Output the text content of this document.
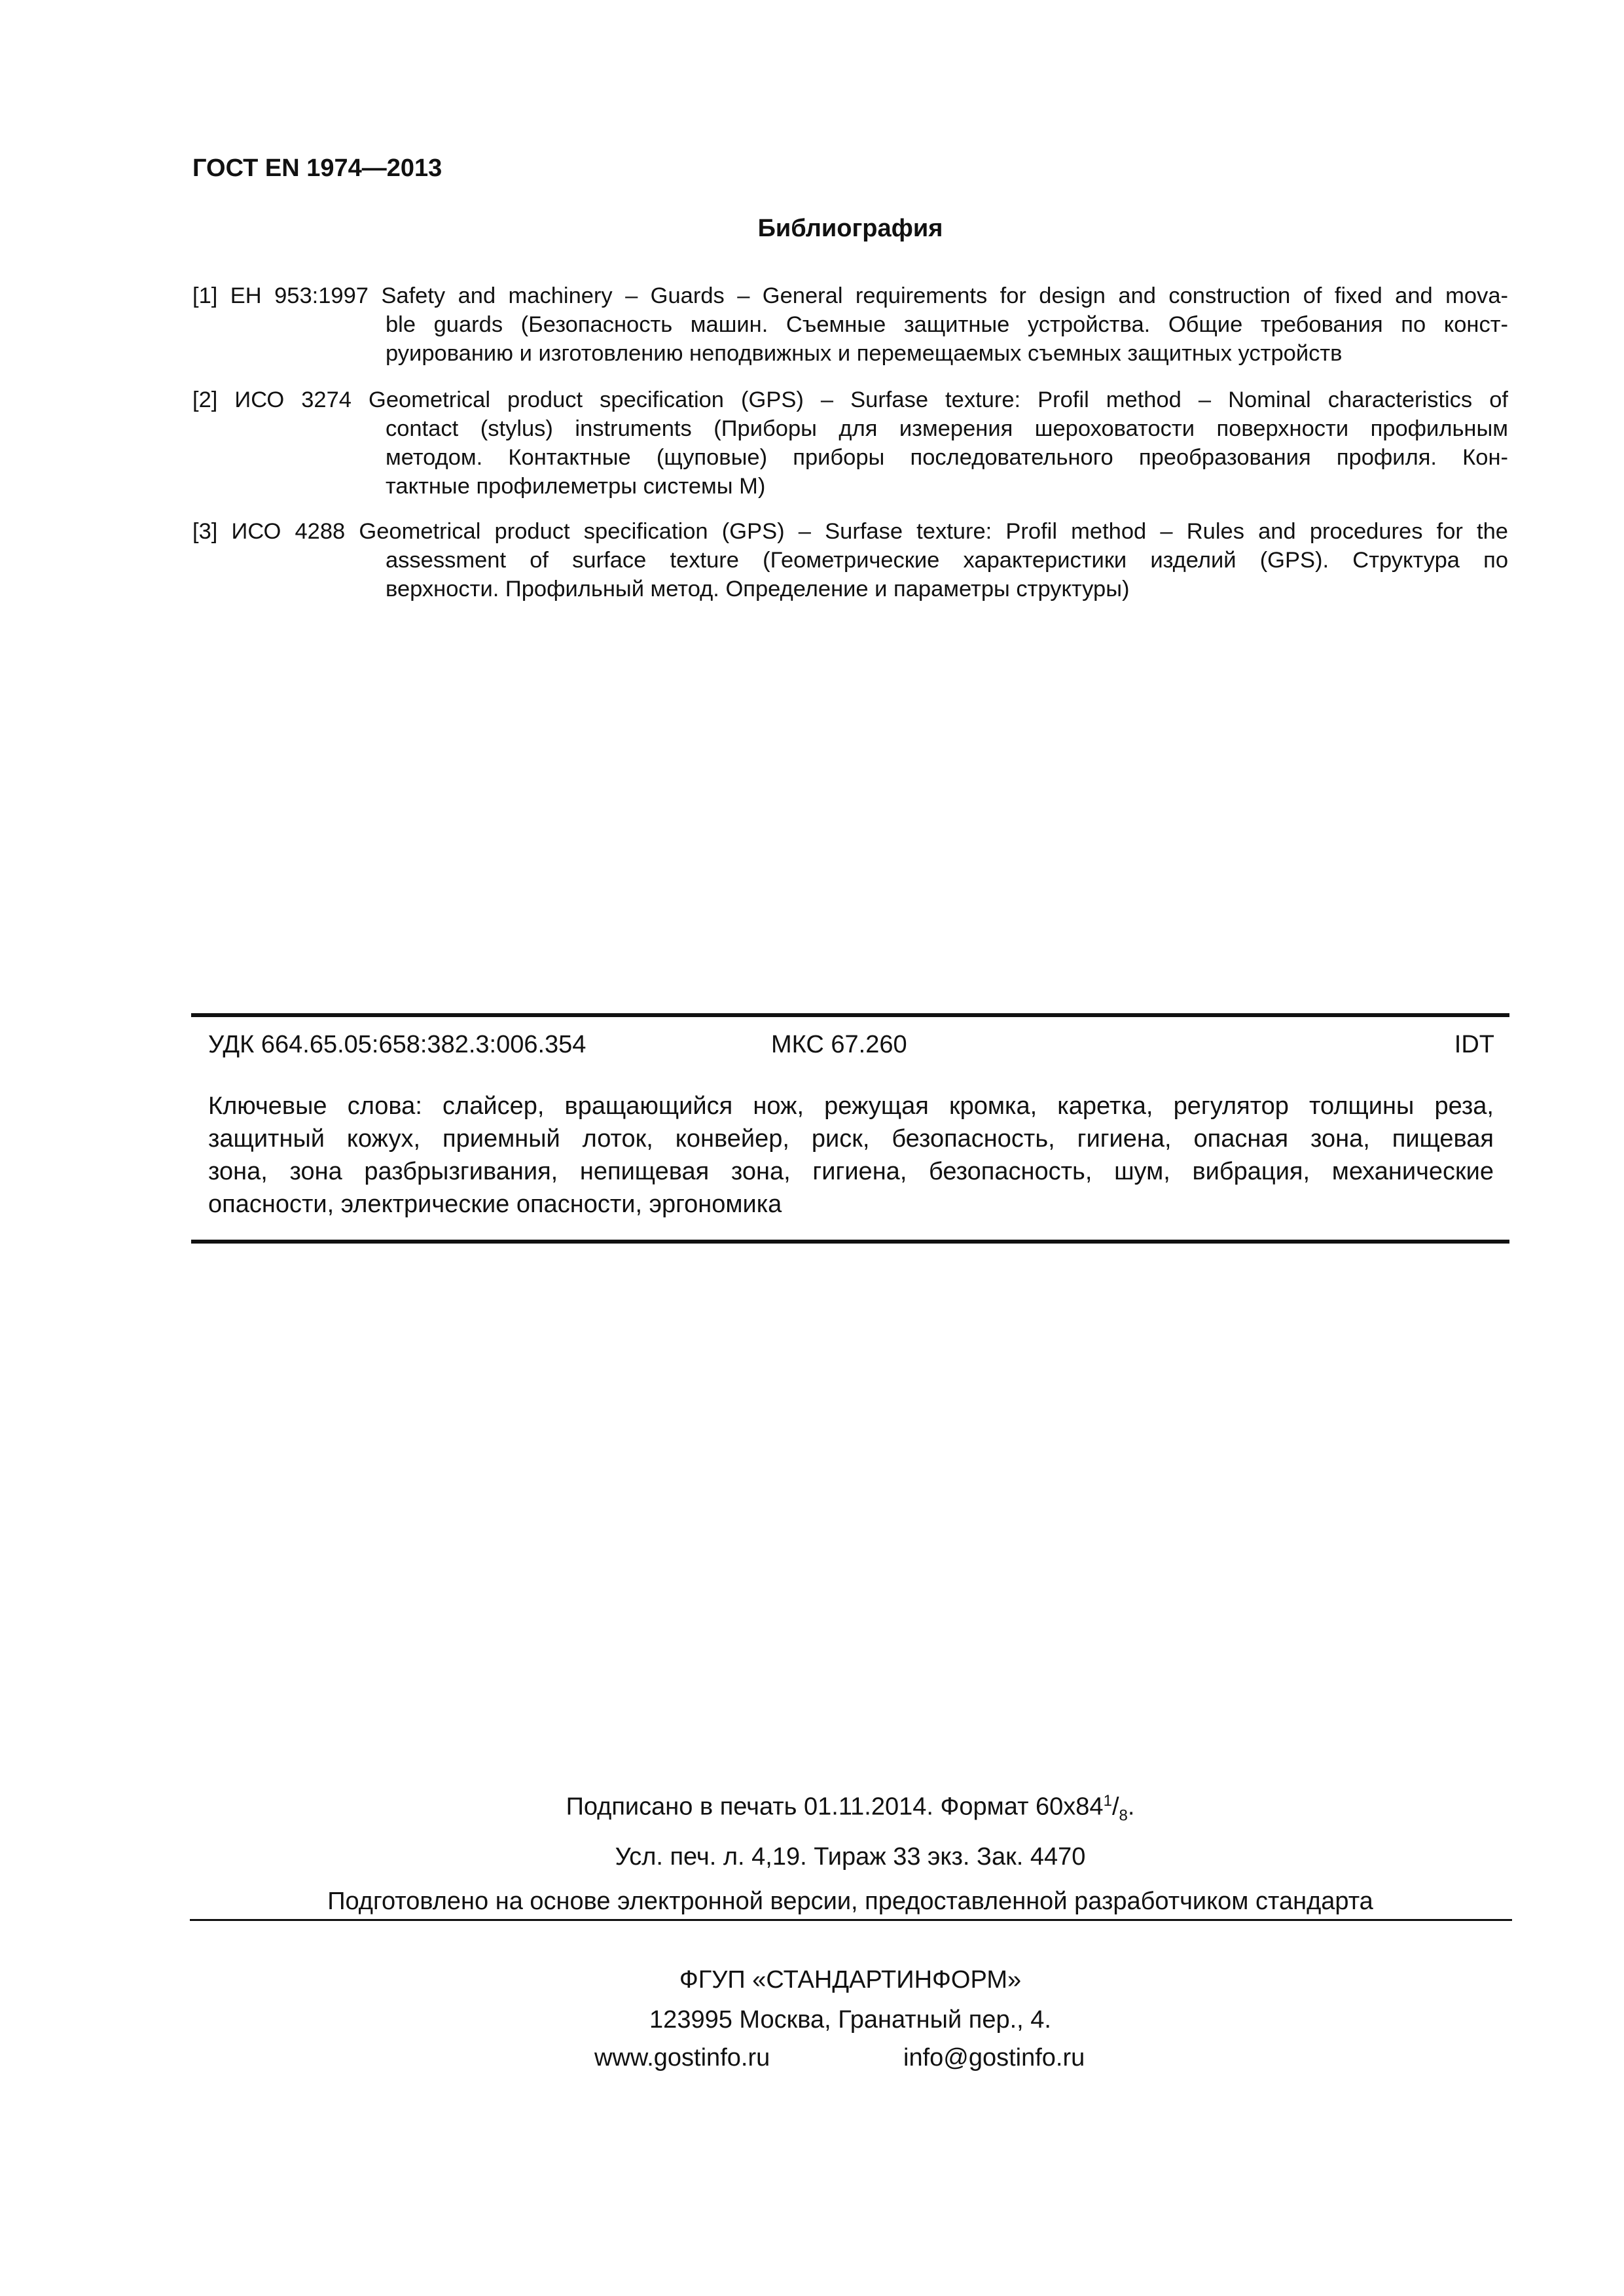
ГОСТ EN 1974—2013
Библиография
[1] ЕН 953:1997 Safety and machinery – Guards – General requirements for design and construction of fixed and mova-
ble guards (Безопасность машин. Съемные защитные устройства. Общие требования по конст-
руированию и изготовлению неподвижных и перемещаемых съемных защитных устройств
[2] ИСО 3274 Geometrical product specification (GPS) – Surfase texture: Profil method – Nominal characteristics of
contact (stylus) instruments (Приборы для измерения шероховатости поверхности профильным
методом. Контактные (щуповые) приборы последовательного преобразования профиля. Кон-
тактные профилеметры системы М)
[3] ИСО 4288 Geometrical product specification (GPS) – Surfase texture: Profil method – Rules and procedures for the
assessment of surface texture (Геометрические характеристики изделий (GPS). Структура по
верхности. Профильный метод. Определение и параметры структуры)
УДК 664.65.05:658:382.3:006.354	МКС 67.260	IDT
Ключевые слова: слайсер, вращающийся нож, режущая кромка, каретка, регулятор толщины реза,
защитный кожух, приемный лоток, конвейер, риск, безопасность, гигиена, опасная зона, пищевая
зона, зона разбрызгивания, непищевая зона, гигиена, безопасность, шум, вибрация, механические
опасности, электрические опасности, эргономика
Подписано в печать 01.11.2014. Формат $60x84^1/_8$.
Усл. печ. л. 4,19. Тираж 33 экз. Зак. 4470
Подготовлено на основе электронной версии, предоставленной разработчиком стандарта
ФГУП «СТАНДАРТИНФОРМ»
123995 Москва, Гранатный пер., 4.
www.gostinfo.ru	info@gostinfo.ru
